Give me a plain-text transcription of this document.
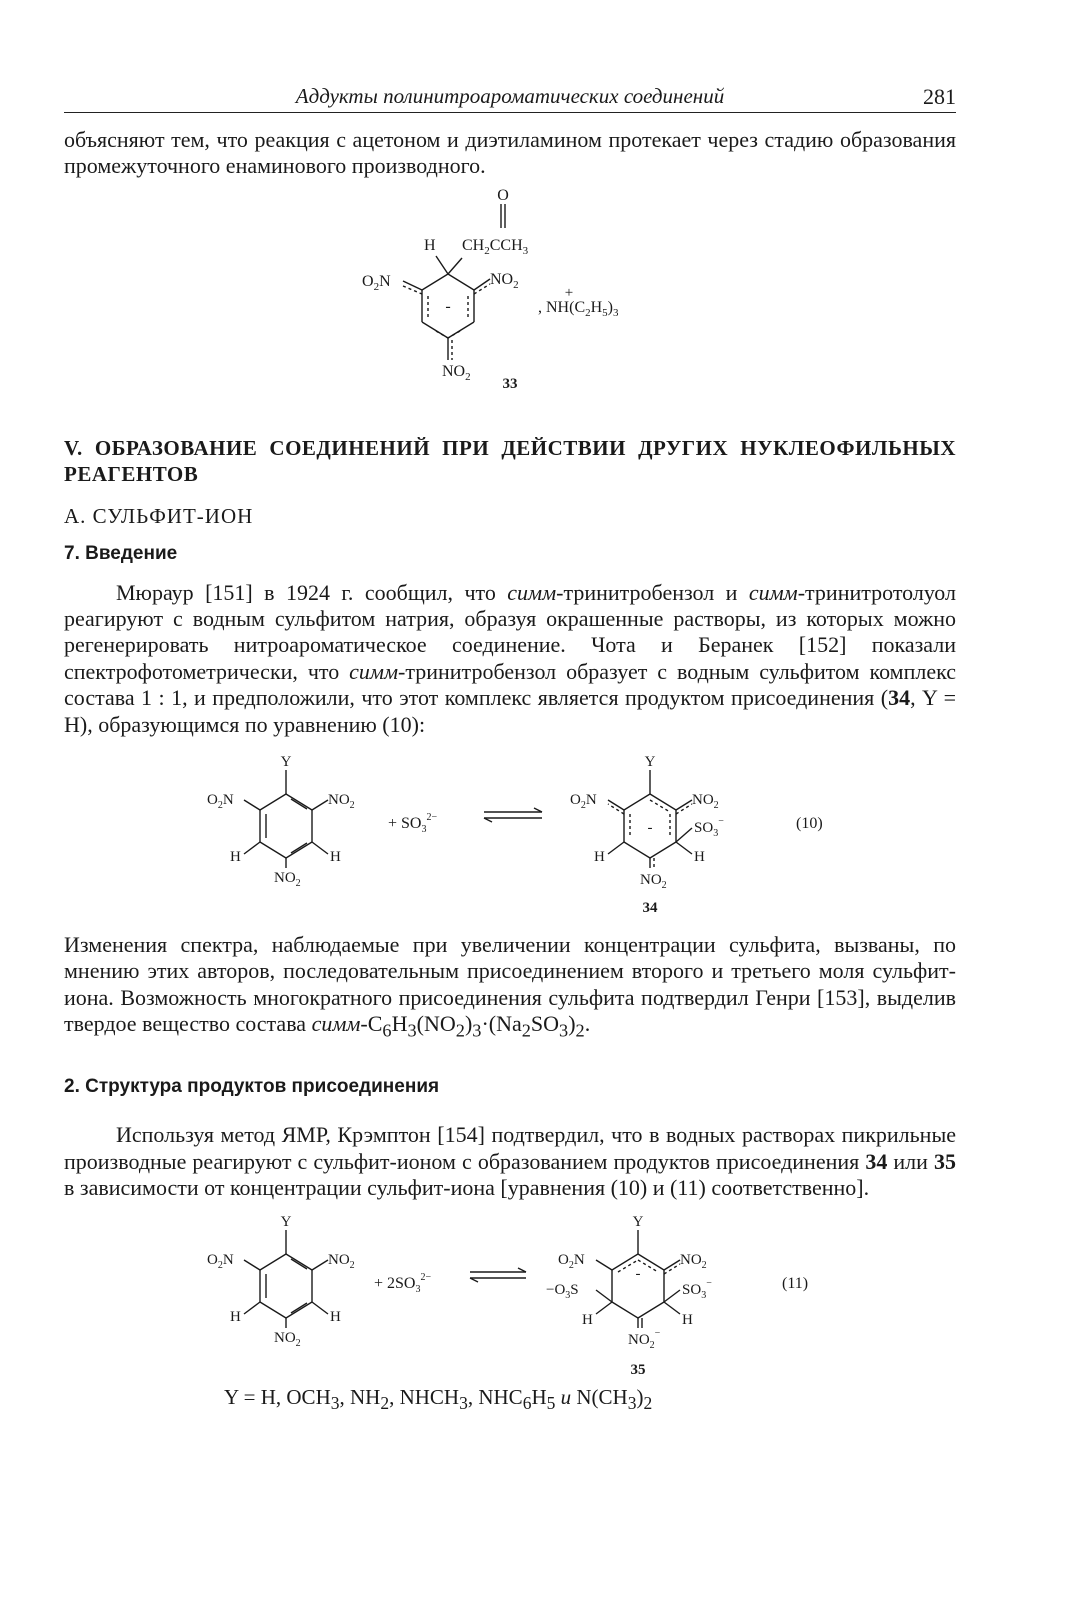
Аддукты полинитроароматических соединений	281

объясняют тем, что реакция с ацетоном и диэтиламином протекает через стадию образования промежуточного енаминового производного.

O
H $CH_2CCH_3$
$O_2N$	$NO_2$
-
$NO_2$
, $NH(C_2H_5)_3$
+
33

V. ОБРАЗОВАНИЕ СОЕДИНЕНИЙ ПРИ ДЕЙСТВИИ ДРУГИХ НУКЛЕОФИЛЬНЫХ РЕАГЕНТОВ

А. СУЛЬФИТ-ИОН

7. Введение

Мюраур [151] в 1924 г. сообщил, что симм-тринитробензол и симм-тринитротолуол реагируют с водным сульфитом натрия, образуя окрашенные растворы, из которых можно регенерировать нитроароматическое соединение. Чота и Беранек [152] показали спектрофотометрически, что симм-тринитробензол образует с водным сульфитом комплекс состава 1 : 1, и предположили, что этот комплекс является продуктом присоединения (34, Y = H), образующимся по уравнению (10):

Y
$O_2N$	$NO_2$
H	H
$NO_2$
+ $SO_3^{2-}$
Y
$O_2N$	$NO_2$
$SO_3^-$
-
H	H
$NO_2$
(10)
34

Изменения спектра, наблюдаемые при увеличении концентрации сульфита, вызваны, по мнению этих авторов, последовательным присоединением второго и третьего моля сульфит-иона. Возможность многократного присоединения сульфита подтвердил Генри [153], выделив твердое вещество состава симм-$C_6H_3(NO_2)_3\cdot(Na_2SO_3)_2$.

2. Структура продуктов присоединения

Используя метод ЯМР, Крэмптон [154] подтвердил, что в водных растворах пикрильные производные реагируют с сульфит-ионом с образованием продуктов присоединения 34 или 35 в зависимости от концентрации сульфит-иона [уравнения (10) и (11) соответственно].

Y
$O_2N$	$NO_2$
H	H
$NO_2$
+ $2SO_3^{2-}$
Y
$O_2N$	$NO_2$
$-O_3S$	$SO_3^-$
-
H	H
$NO_2^-$
(11)
35

Y = H, $OCH_3$, $NH_2$, $NHCH_3$, $NHC_6H_5$ и $N(CH_3)_2$
